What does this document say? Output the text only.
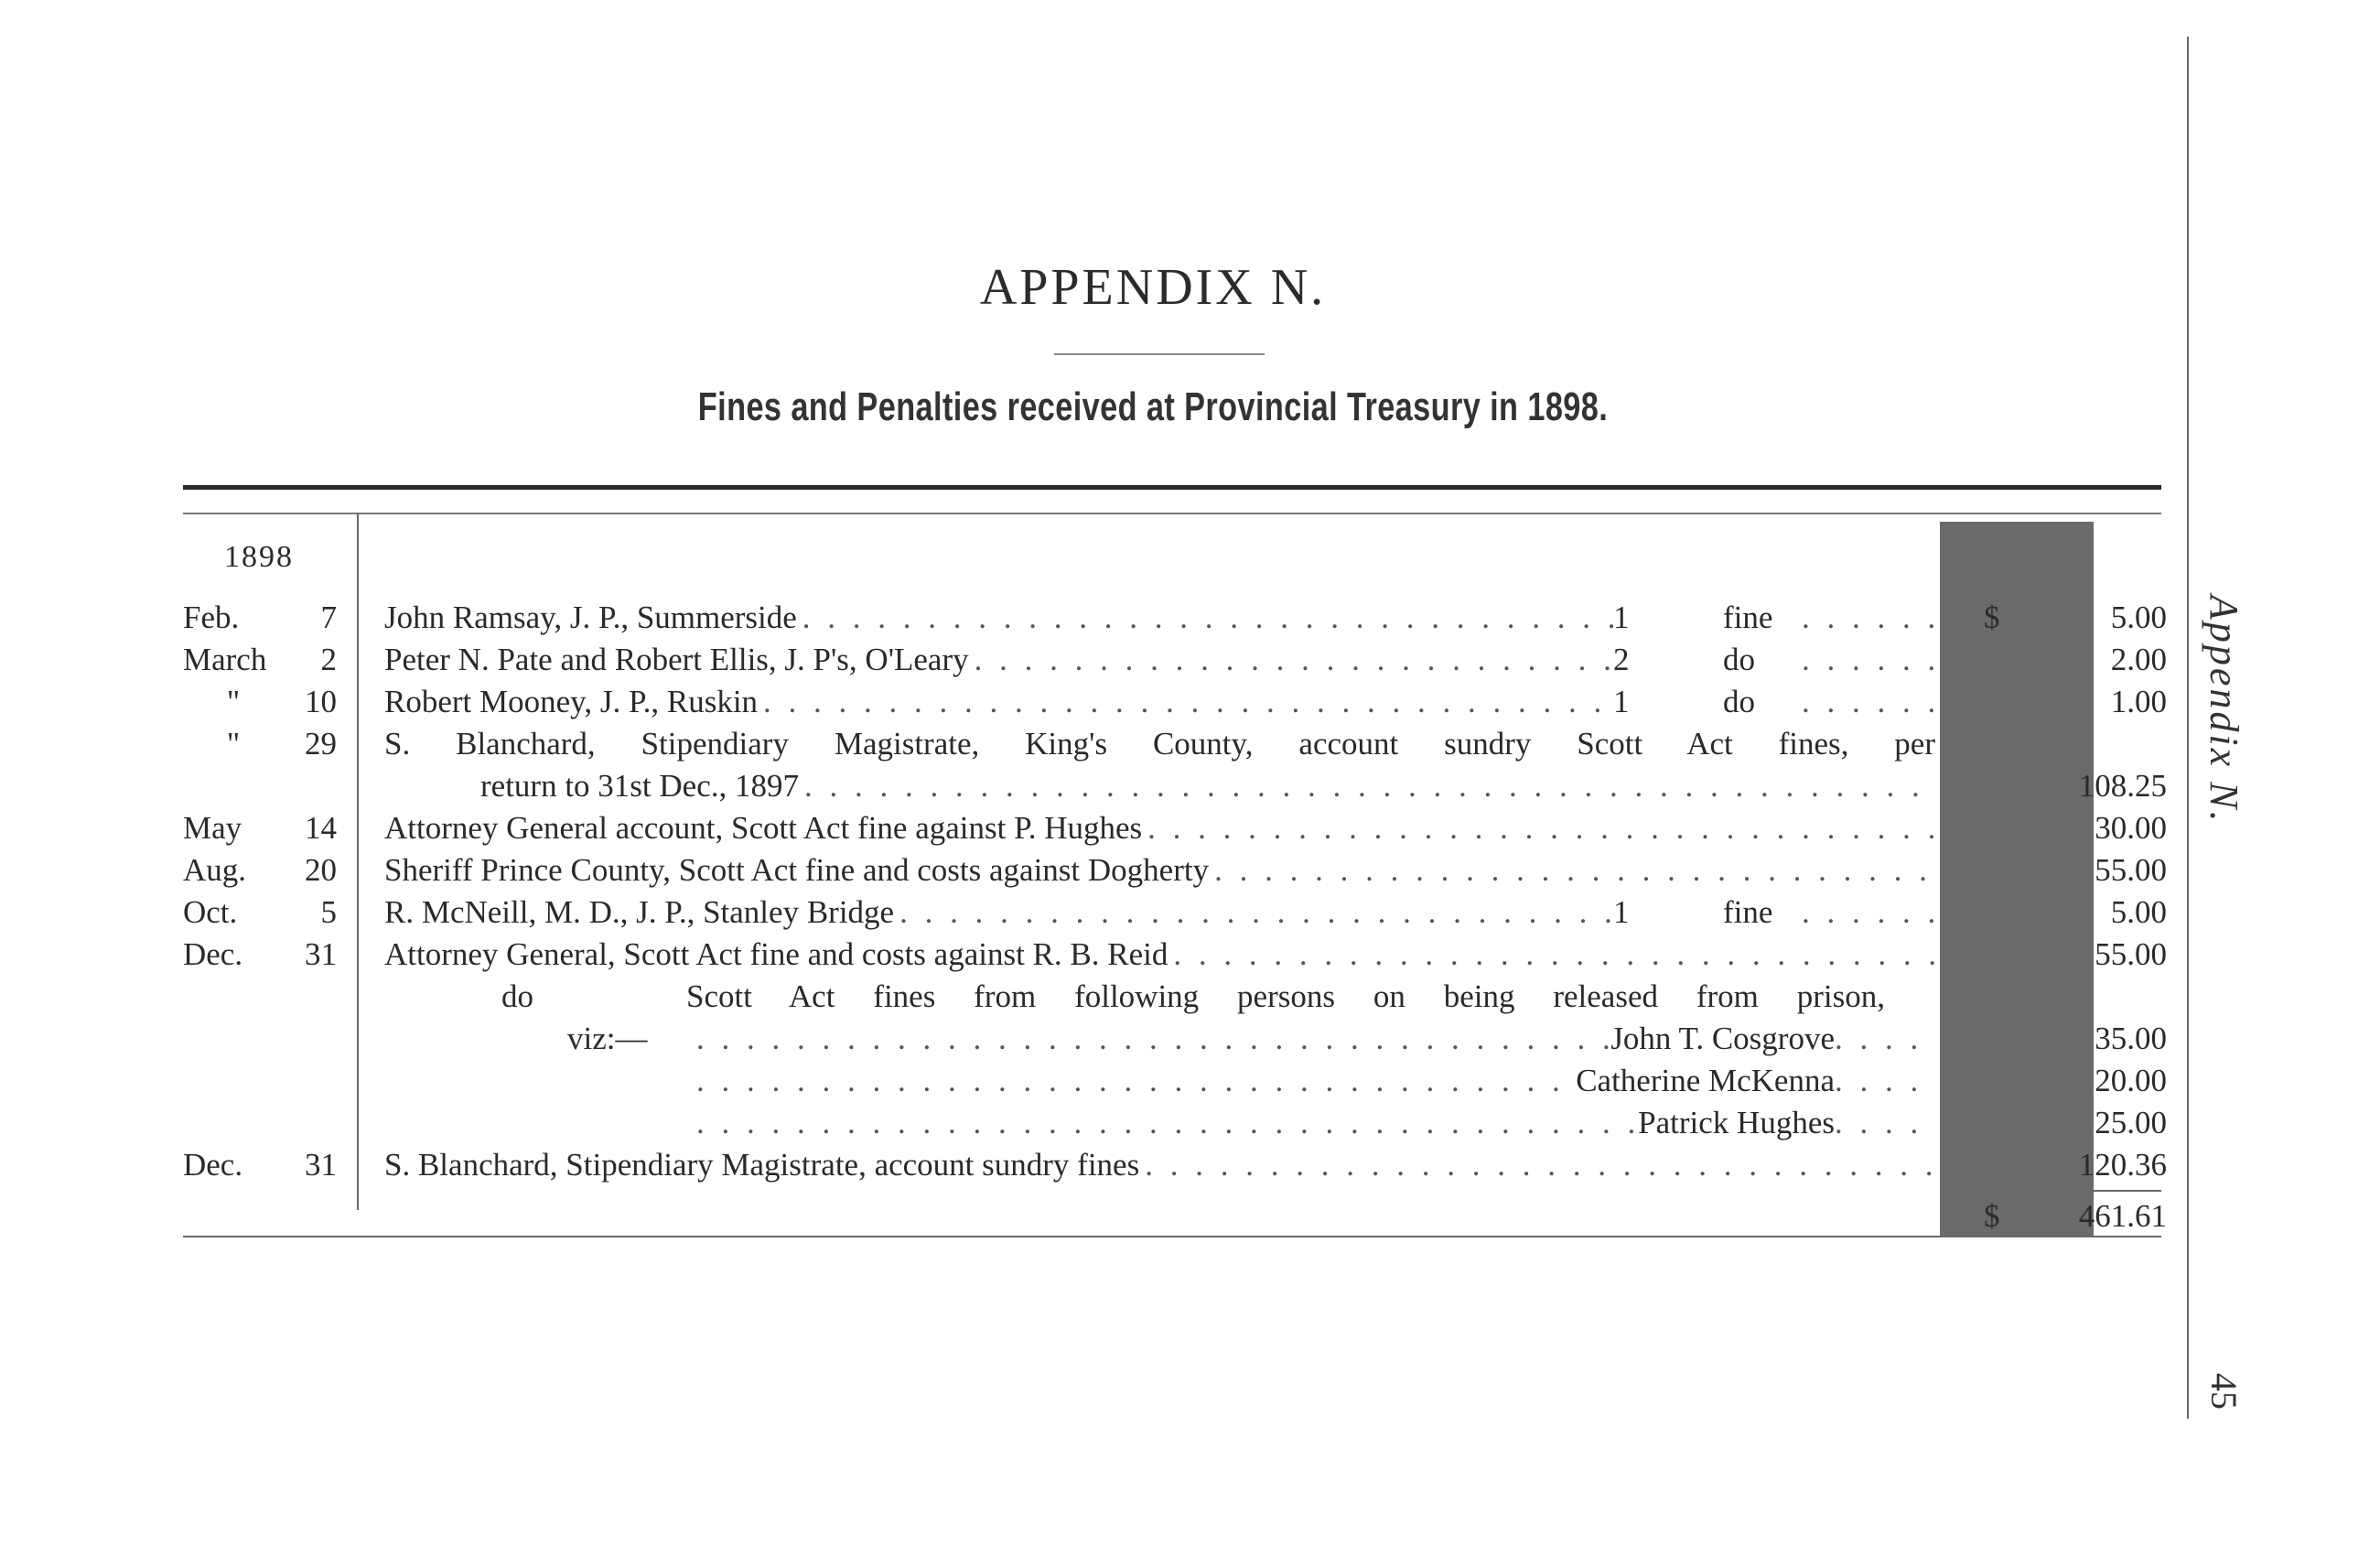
APPENDIX N.
Fines and Penalties received at Provincial Treasury in 1898.
1898
Feb.	7 John Ramsay, J. P., Summerside . . .	1	fine . . .	$	5.00
March	2 Peter N. Pate and Robert Ellis, J. P's, O'Leary . . .	2	do . . .	2.00
"	10 Robert Mooney, J. P., Ruskin . . .	1	do . . .	1.00
"	29 S. Blanchard, Stipendiary Magistrate, King's County, account sundry Scott Act fines, per
return to 31st Dec., 1897 . . .	108.25
May	14 Attorney General account, Scott Act fine against P. Hughes . . .	30.00
Aug.	20 Sheriff Prince County, Scott Act fine and costs against Dogherty . . .	55.00
Oct.	5 R. McNeill, M. D., J. P., Stanley Bridge . . .	1	fine . . .	5.00
Dec.	31 Attorney General, Scott Act fine and costs against R. B. Reid . . .	55.00
do	Scott Act fines from following persons on being released from prison,
viz:— . . .	John T. Cosgrove . . .	35.00
. . .
Catherine McKenna . . .	20.00
. . .
Patrick Hughes . . .	25.00
Dec.	31 S. Blanchard, Stipendiary Magistrate, account sundry fines . . .	120.36
$	461.61
Appendix N.
45
